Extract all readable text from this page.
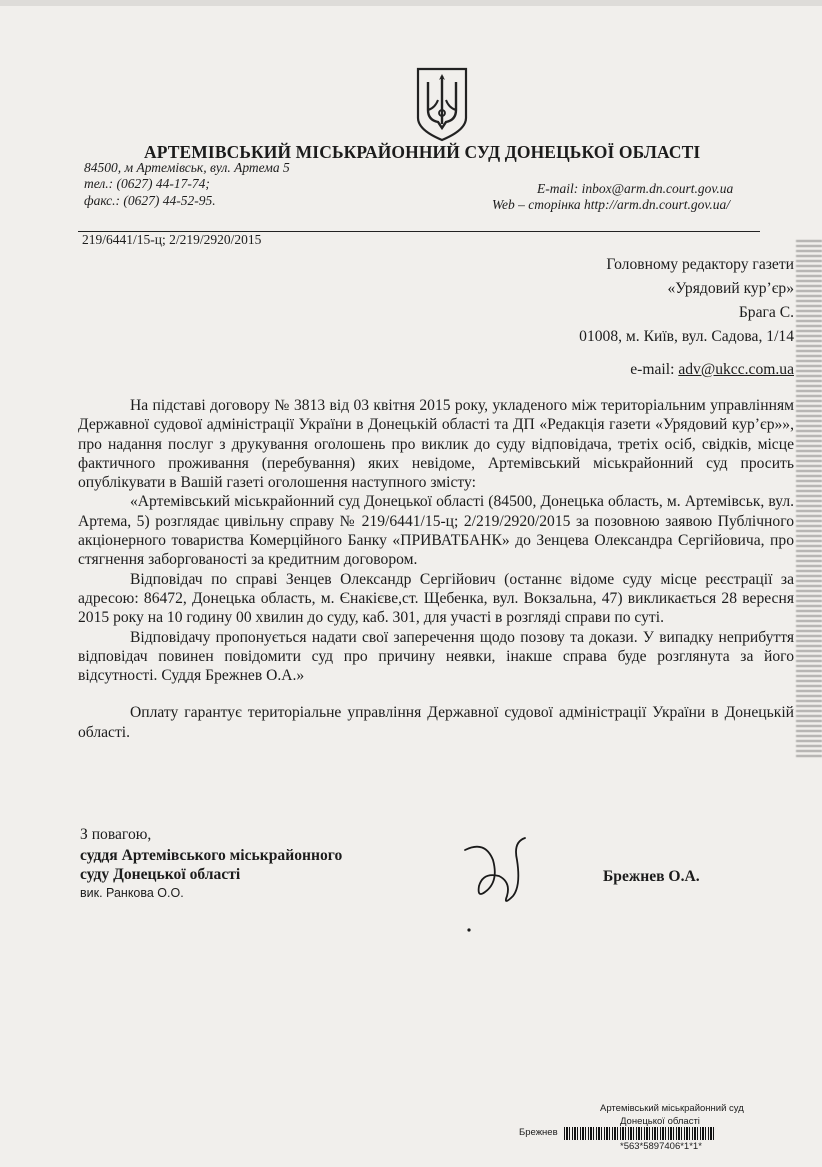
АРТЕМІВСЬКИЙ МІСЬКРАЙОННИЙ СУД ДОНЕЦЬКОЇ ОБЛАСТІ
84500, м Артемівськ, вул. Артема 5
тел.: (0627) 44-17-74;
факс.: (0627) 44-52-95.
E-mail: inbox@arm.dn.court.gov.ua
Web – сторінка http://arm.dn.court.gov.ua/
219/6441/15-ц; 2/219/2920/2015
Головному редактору газети
«Урядовий кур’єр»
Брага С.
01008, м. Київ, вул. Садова, 1/14
e-mail: adv@ukcc.com.ua

На підставі договору № 3813 від 03 квітня 2015 року, укладеного між територіальним управлінням Державної судової адміністрації України в Донецькій області та ДП «Редакція газети «Урядовий кур’єр»», про надання послуг з друкування оголошень про виклик до суду відповідача, третіх осіб, свідків, місце фактичного проживання (перебування) яких невідоме, Артемівський міськрайонний суд просить опублікувати в Вашій газеті оголошення наступного змісту:

«Артемівський міськрайонний суд Донецької області (84500, Донецька область, м. Артемівськ, вул. Артема, 5) розглядає цивільну справу № 219/6441/15-ц; 2/219/2920/2015 за позовною заявою Публічного акціонерного товариства Комерційного Банку «ПРИВАТБАНК» до Зенцева Олександра Сергійовича, про стягнення заборгованості за кредитним договором.

Відповідач по справі Зенцев Олександр Сергійович (останнє відоме суду місце реєстрації за адресою: 86472, Донецька область, м. Єнакієве,ст. Щебенка, вул. Вокзальна, 47) викликається 28 вересня 2015 року на 10 годину 00 хвилин до суду, каб. 301, для участі в розгляді справи по суті.

Відповідачу пропонується надати свої заперечення щодо позову та докази. У випадку неприбуття відповідач повинен повідомити суд про причину неявки, інакше справа буде розглянута за його відсутності. Суддя Брежнев О.А.»

Оплату гарантує територіальне управління Державної судової адміністрації України в Донецькій області.

З повагою,
суддя Артемівського міськрайонного
суду Донецької області
вик. Ранкова О.О.
Брежнев О.А.
Артемівський міськрайонний суд
Донецької області
Брежнев
*563*5897406*1*1*
